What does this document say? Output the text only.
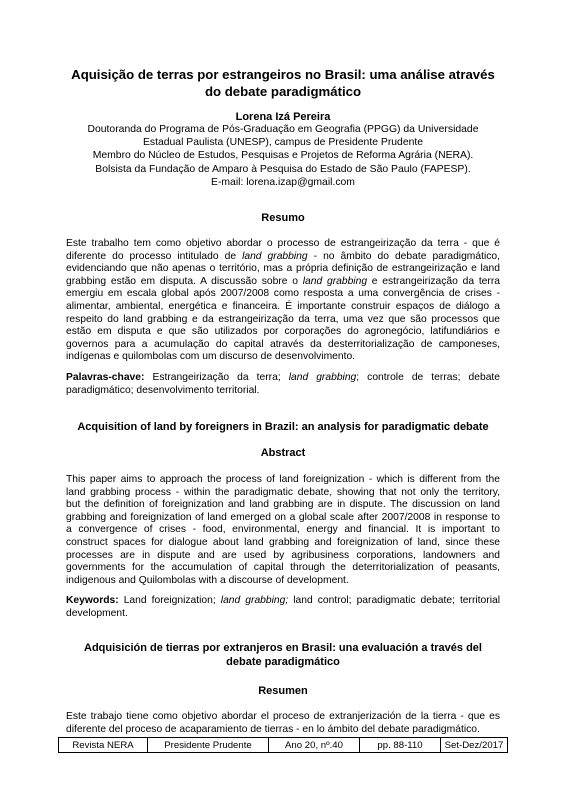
Aquisição de terras por estrangeiros no Brasil: uma análise através
do debate paradigmático
Lorena Izá Pereira
Doutoranda do Programa de Pós-Graduação em Geografia (PPGG) da Universidade
Estadual Paulista (UNESP), campus de Presidente Prudente
Membro do Núcleo de Estudos, Pesquisas e Projetos de Reforma Agrária (NERA).
Bolsista da Fundação de Amparo à Pesquisa do Estado de São Paulo (FAPESP).
E-mail: lorena.izap@gmail.com
Resumo
Este trabalho tem como objetivo abordar o processo de estrangeirização da terra - que é
diferente do processo intitulado de land grabbing - no âmbito do debate paradigmático,
evidenciando que não apenas o território, mas a própria definição de estrangeirização e land
grabbing estão em disputa. A discussão sobre o land grabbing e estrangeirização da terra
emergiu em escala global após 2007/2008 como resposta a uma convergência de crises -
alimentar, ambiental, energética e financeira. É importante construir espaços de diálogo a
respeito do land grabbing e da estrangeirização da terra, uma vez que são processos que
estão em disputa e que são utilizados por corporações do agronegócio, latifundiários e
governos para a acumulação do capital através da desterritorialização de camponeses,
indígenas e quilombolas com um discurso de desenvolvimento.
Palavras-chave: Estrangeirização da terra; land grabbing; controle de terras; debate
paradigmático; desenvolvimento territorial.
Acquisition of land by foreigners in Brazil: an analysis for paradigmatic debate
Abstract
This paper aims to approach the process of land foreignization - which is different from the
land grabbing process - within the paradigmatic debate, showing that not only the territory,
but the definition of foreignization and land grabbing are in dispute. The discussion on land
grabbing and foreignization of land emerged on a global scale after 2007/2008 in response to
a convergence of crises - food, environmental, energy and financial. It is important to
construct spaces for dialogue about land grabbing and foreignization of land, since these
processes are in dispute and are used by agribusiness corporations, landowners and
governments for the accumulation of capital through the deterritorialization of peasants,
indigenous and Quilombolas with a discourse of development.
Keywords: Land foreignization; land grabbing; land control; paradigmatic debate; territorial
development.
Adquisición de tierras por extranjeros en Brasil: una evaluación a través del
debate paradigmático
Resumen
Este trabajo tiene como objetivo abordar el proceso de extranjerización de la tierra - que es
diferente del proceso de acaparamiento de tierras - en lo ámbito del debate paradigmático.
Revista NERA	Presidente Prudente	Ano 20, nº.40	pp. 88-110	Set-Dez/2017
